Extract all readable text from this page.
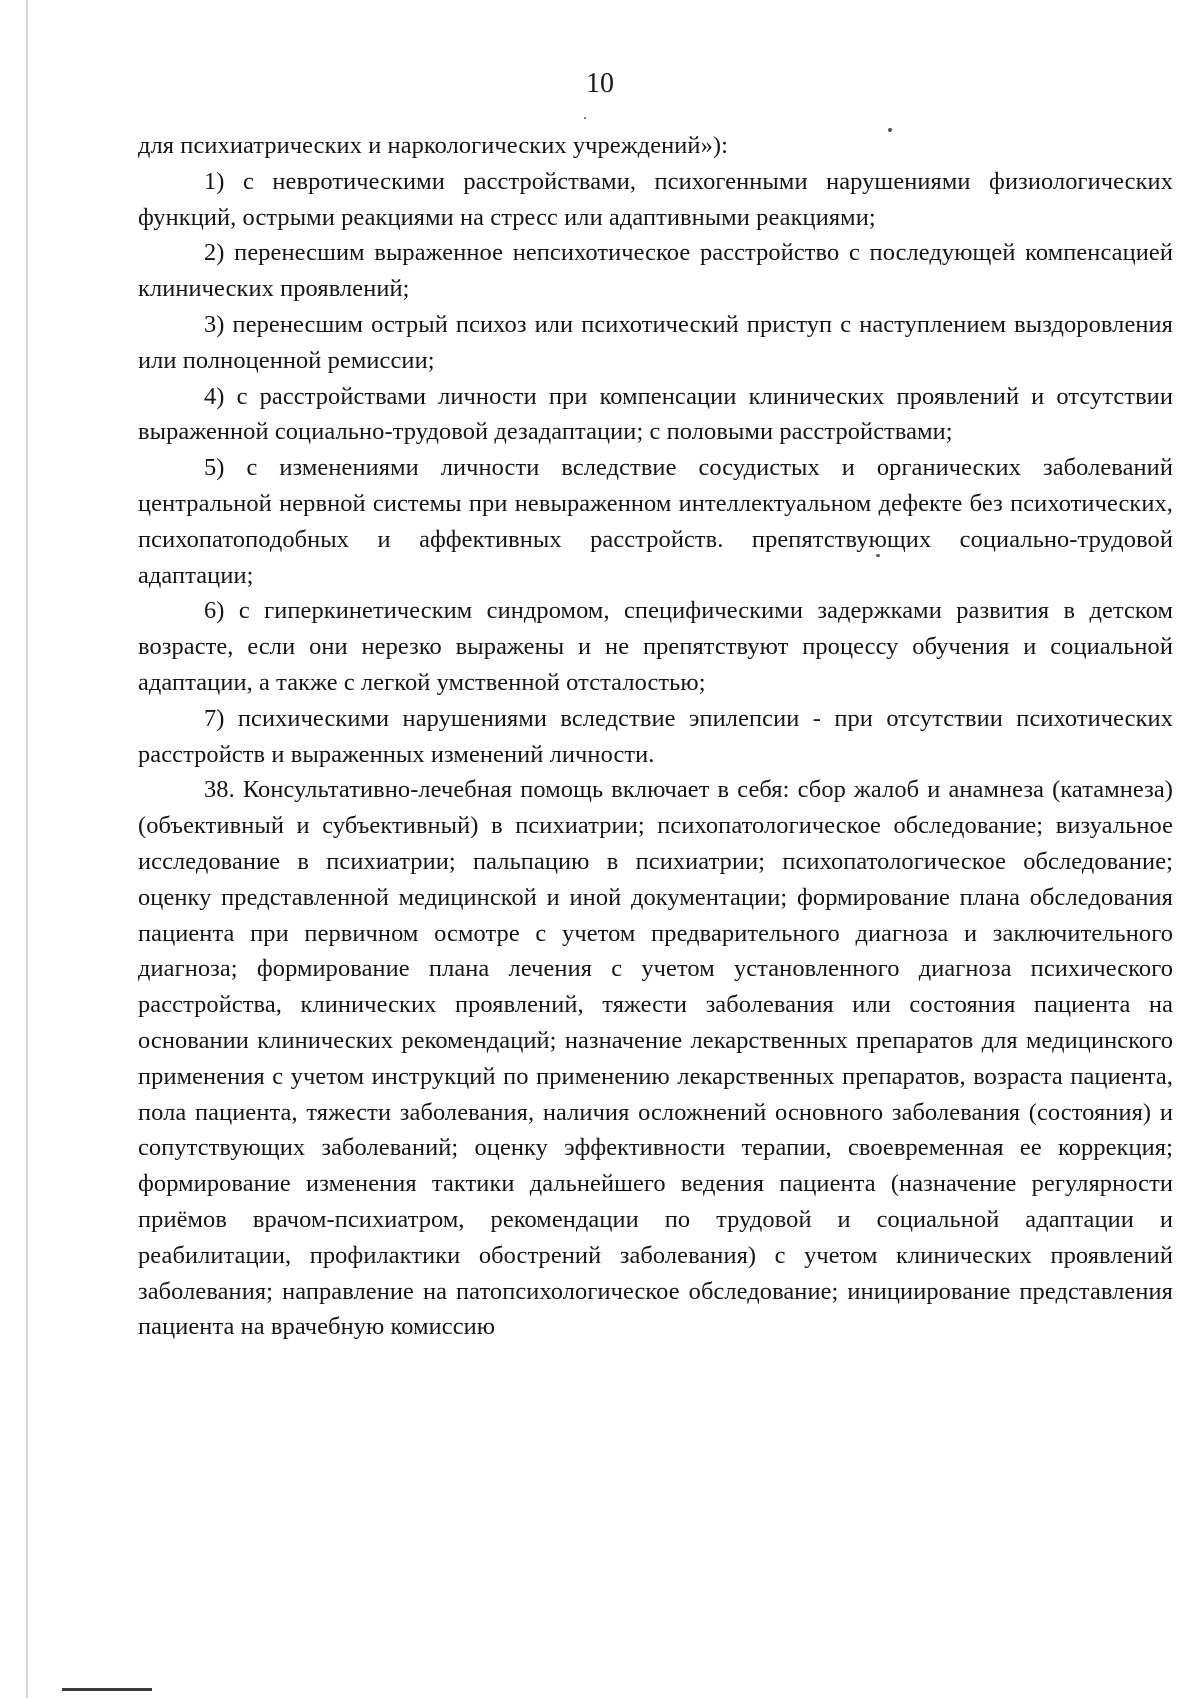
10

для психиатрических и наркологических учреждений»):

1) с невротическими расстройствами, психогенными нарушениями физиологических функций, острыми реакциями на стресс или адаптивными реакциями;

2) перенесшим выраженное непсихотическое расстройство с последующей компенсацией клинических проявлений;

3) перенесшим острый психоз или психотический приступ с наступлением выздоровления или полноценной ремиссии;

4) с расстройствами личности при компенсации клинических проявлений и отсутствии выраженной социально-трудовой дезадаптации; с половыми расстройствами;

5) с изменениями личности вследствие сосудистых и органических заболеваний центральной нервной системы при невыраженном интеллектуальном дефекте без психотических, психопатоподобных и аффективных расстройств. препятствующих социально-трудовой адаптации;

6) с гиперкинетическим синдромом, специфическими задержками развития в детском возрасте, если они нерезко выражены и не препятствуют процессу обучения и социальной адаптации, а также с легкой умственной отсталостью;

7) психическими нарушениями вследствие эпилепсии - при отсутствии психотических расстройств и выраженных изменений личности.

38. Консультативно-лечебная помощь включает в себя: сбор жалоб и анамнеза (катамнеза) (объективный и субъективный) в психиатрии; психопатологическое обследование; визуальное исследование в психиатрии; пальпацию в психиатрии; психопатологическое обследование; оценку представленной медицинской и иной документации; формирование плана обследования пациента при первичном осмотре с учетом предварительного диагноза и заключительного диагноза; формирование плана лечения с учетом установленного диагноза психического расстройства, клинических проявлений, тяжести заболевания или состояния пациента на основании клинических рекомендаций; назначение лекарственных препаратов для медицинского применения с учетом инструкций по применению лекарственных препаратов, возраста пациента, пола пациента, тяжести заболевания, наличия осложнений основного заболевания (состояния) и сопутствующих заболеваний; оценку эффективности терапии, своевременная ее коррекция; формирование изменения тактики дальнейшего ведения пациента (назначение регулярности приёмов врачом-психиатром, рекомендации по трудовой и социальной адаптации и реабилитации, профилактики обострений заболевания) с учетом клинических проявлений заболевания; направление на патопсихологическое обследование; инициирование представления пациента на врачебную комиссию
